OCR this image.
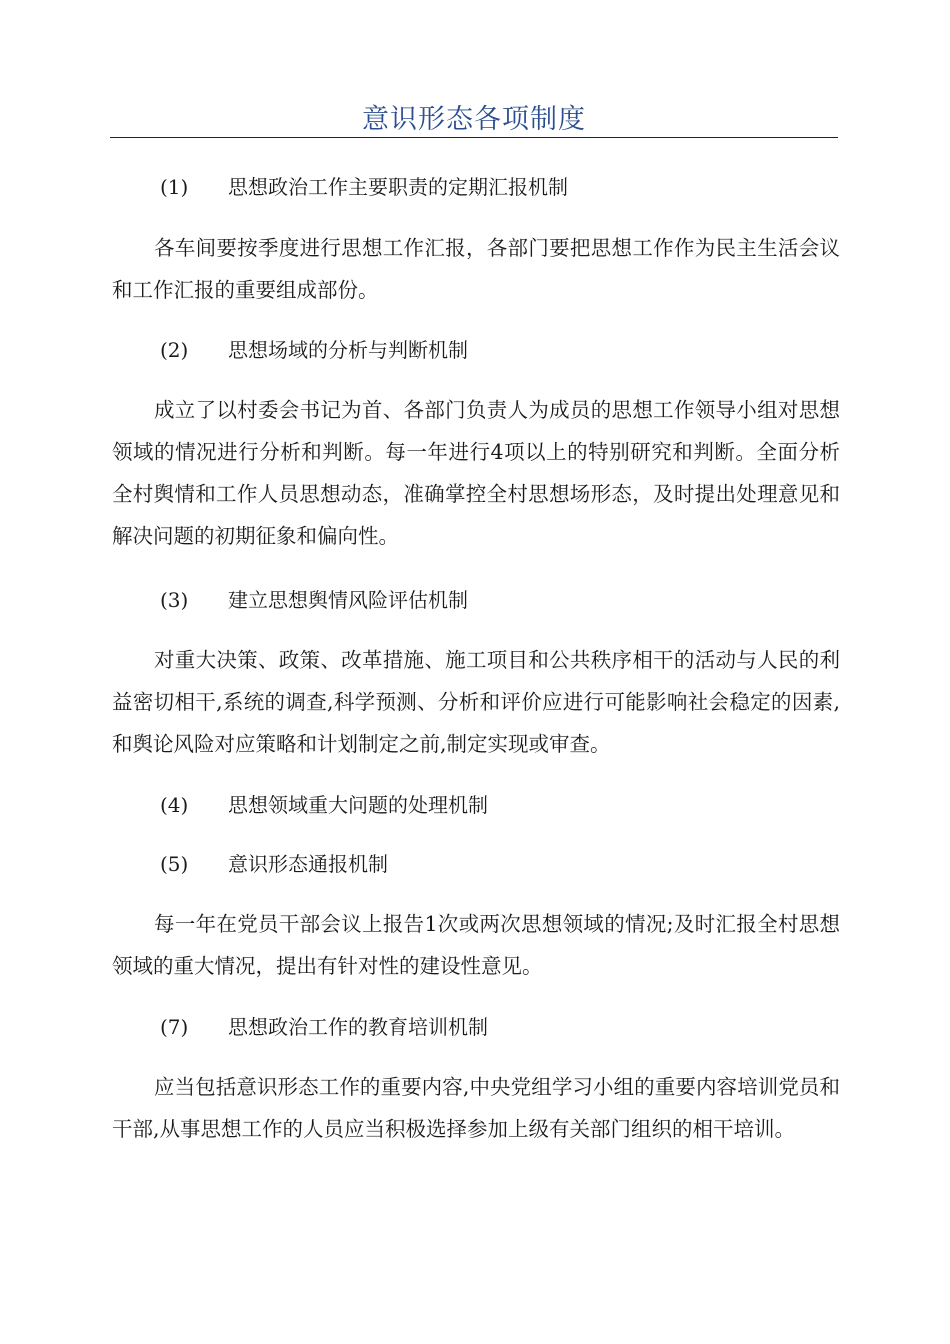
意识形态各项制度
(1) 思想政治工作主要职责的定期汇报机制
各车间要按季度进行思想工作汇报，各部门要把思想工作作为民主生活会议和工作汇报的重要组成部份。
(2) 思想场域的分析与判断机制
成立了以村委会书记为首、各部门负责人为成员的思想工作领导小组对思想领域的情况进行分析和判断。每一年进行4项以上的特别研究和判断。全面分析全村舆情和工作人员思想动态，准确掌控全村思想场形态，及时提出处理意见和解决问题的初期征象和偏向性。
(3) 建立思想舆情风险评估机制
对重大决策、政策、改革措施、施工项目和公共秩序相干的活动与人民的利益密切相干,系统的调查,科学预测、分析和评价应进行可能影响社会稳定的因素,和舆论风险对应策略和计划制定之前,制定实现或审查。
(4) 思想领域重大问题的处理机制
(5) 意识形态通报机制
每一年在党员干部会议上报告1次或两次思想领域的情况;及时汇报全村思想领域的重大情况，提出有针对性的建设性意见。
(7) 思想政治工作的教育培训机制
应当包括意识形态工作的重要内容,中央党组学习小组的重要内容培训党员和干部,从事思想工作的人员应当积极选择参加上级有关部门组织的相干培训。
